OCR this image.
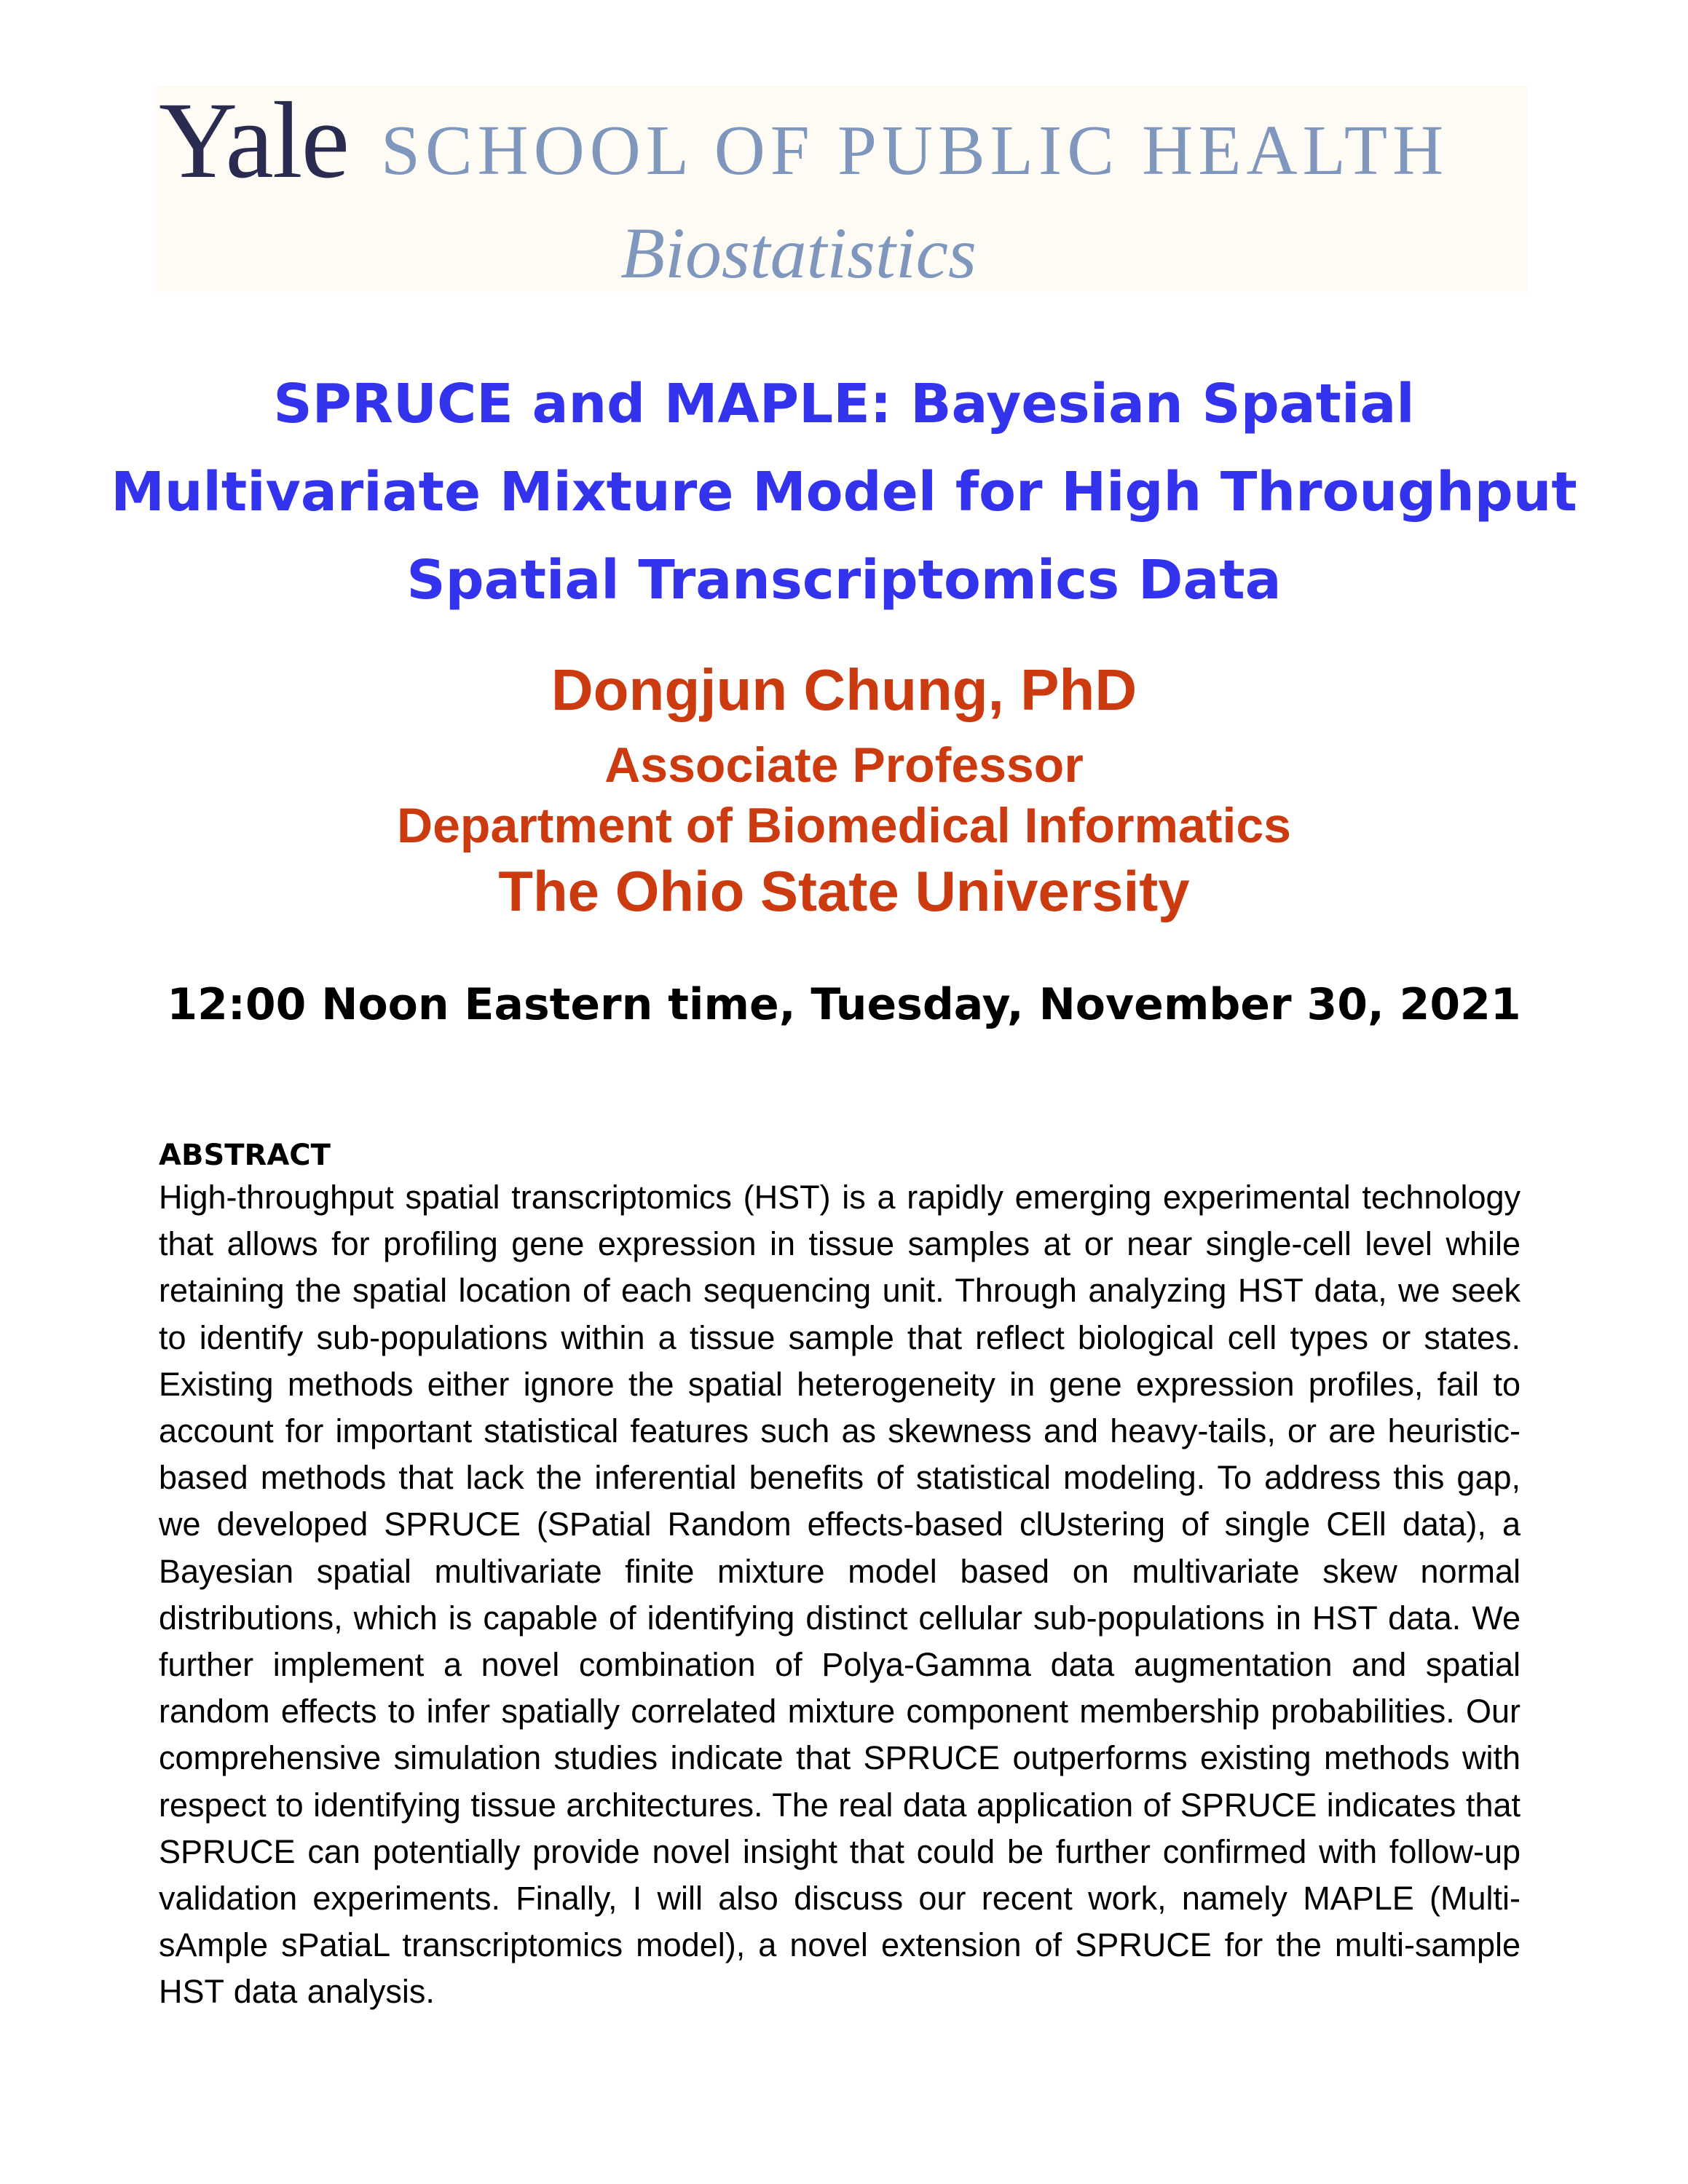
Yale SCHOOL OF PUBLIC HEALTH
Biostatistics
SPRUCE and MAPLE: Bayesian Spatial Multivariate Mixture Model for High Throughput Spatial Transcriptomics Data
Dongjun Chung, PhD
Associate Professor
Department of Biomedical Informatics
The Ohio State University
12:00 Noon Eastern time, Tuesday, November 30, 2021
ABSTRACT
High-throughput spatial transcriptomics (HST) is a rapidly emerging experimental technology that allows for profiling gene expression in tissue samples at or near single-cell level while retaining the spatial location of each sequencing unit. Through analyzing HST data, we seek to identify sub-populations within a tissue sample that reflect biological cell types or states. Existing methods either ignore the spatial heterogeneity in gene expression profiles, fail to account for important statistical features such as skewness and heavy-tails, or are heuristic-based methods that lack the inferential benefits of statistical modeling. To address this gap, we developed SPRUCE (SPatial Random effects-based clUstering of single CEll data), a Bayesian spatial multivariate finite mixture model based on multivariate skew normal distributions, which is capable of identifying distinct cellular sub-populations in HST data. We further implement a novel combination of Polya-Gamma data augmentation and spatial random effects to infer spatially correlated mixture component membership probabilities. Our comprehensive simulation studies indicate that SPRUCE outperforms existing methods with respect to identifying tissue architectures. The real data application of SPRUCE indicates that SPRUCE can potentially provide novel insight that could be further confirmed with follow-up validation experiments. Finally, I will also discuss our recent work, namely MAPLE (Multi-sAmple sPatiaL transcriptomics model), a novel extension of SPRUCE for the multi-sample HST data analysis.
